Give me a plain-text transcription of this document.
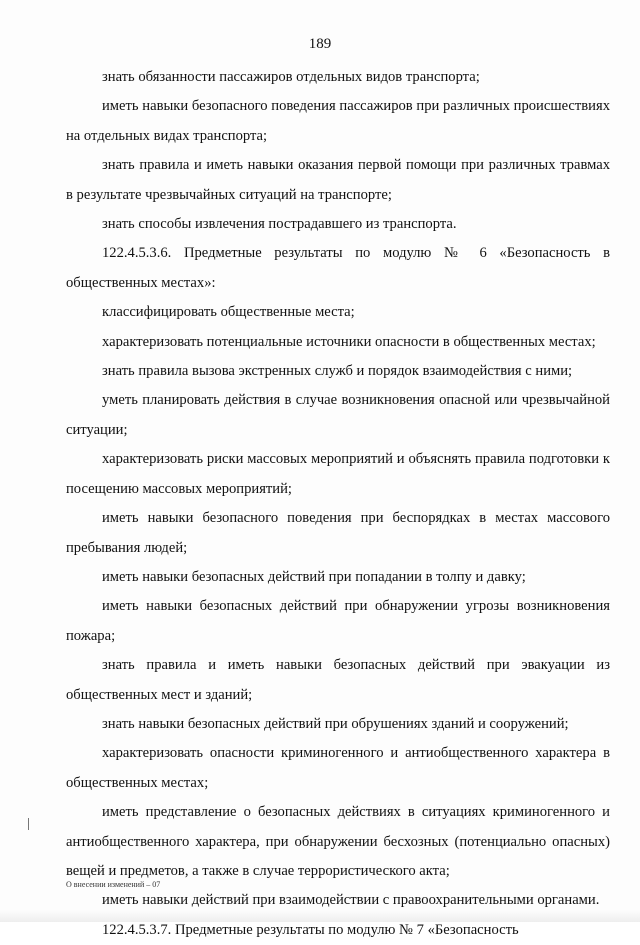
189

знать обязанности пассажиров отдельных видов транспорта;

иметь навыки безопасного поведения пассажиров при различных происшествиях на отдельных видах транспорта;

знать правила и иметь навыки оказания первой помощи при различных травмах в результате чрезвычайных ситуаций на транспорте;

знать способы извлечения пострадавшего из транспорта.

122.4.5.3.6. Предметные результаты по модулю № 6 «Безопасность в общественных местах»:

классифицировать общественные места;

характеризовать потенциальные источники опасности в общественных местах;

знать правила вызова экстренных служб и порядок взаимодействия с ними;

уметь планировать действия в случае возникновения опасной или чрезвычайной ситуации;

характеризовать риски массовых мероприятий и объяснять правила подготовки к посещению массовых мероприятий;

иметь навыки безопасного поведения при беспорядках в местах массового пребывания людей;

иметь навыки безопасных действий при попадании в толпу и давку;

иметь навыки безопасных действий при обнаружении угрозы возникновения пожара;

знать правила и иметь навыки безопасных действий при эвакуации из общественных мест и зданий;

знать навыки безопасных действий при обрушениях зданий и сооружений;

характеризовать опасности криминогенного и антиобщественного характера в общественных местах;

иметь представление о безопасных действиях в ситуациях криминогенного и антиобщественного характера, при обнаружении бесхозных (потенциально опасных) вещей и предметов, а также в случае террористического акта;

иметь навыки действий при взаимодействии с правоохранительными органами.

122.4.5.3.7. Предметные результаты по модулю № 7 «Безопасность

О внесении изменений – 07
